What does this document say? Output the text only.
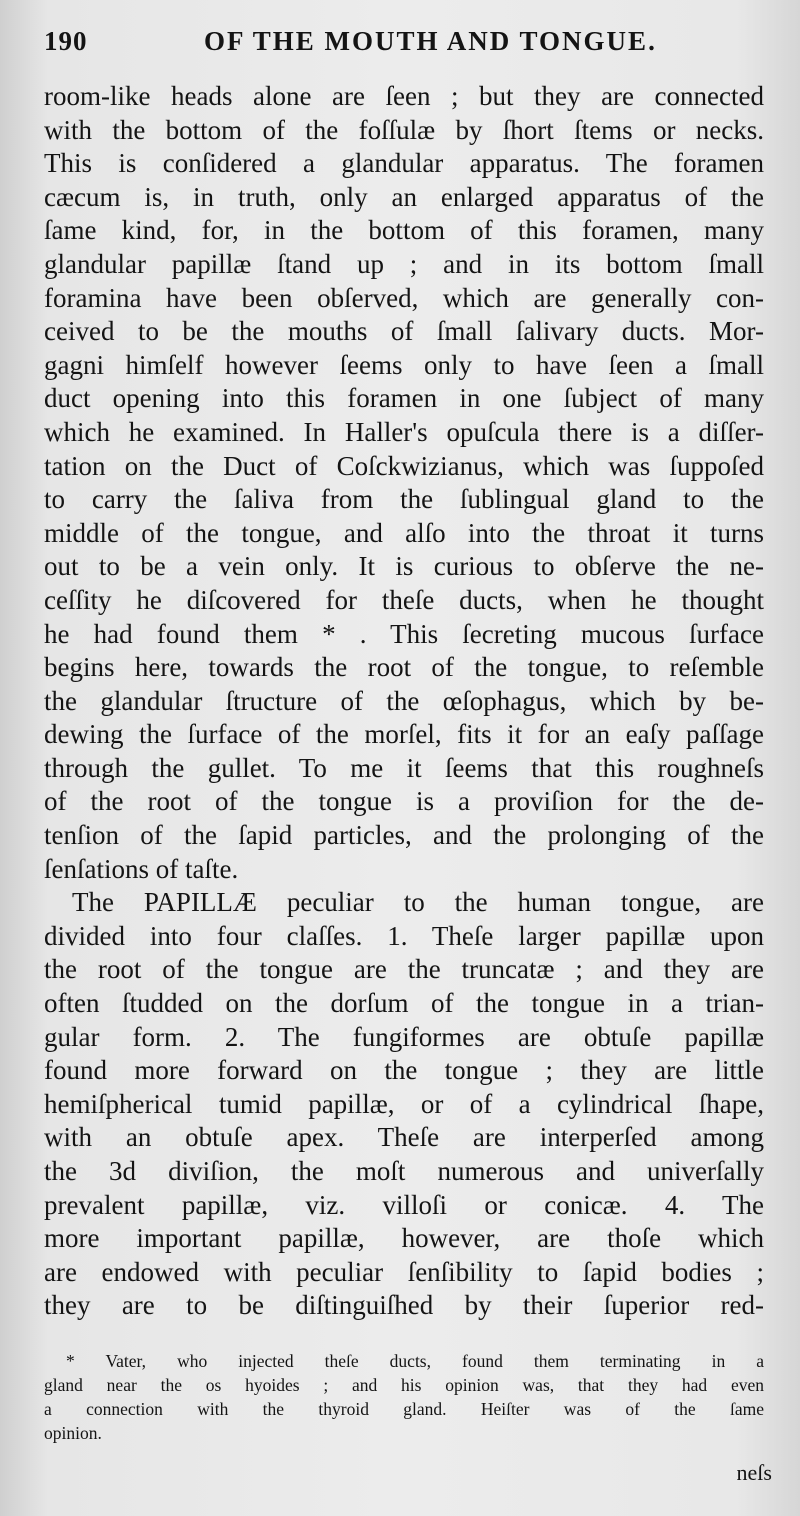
190	OF THE MOUTH AND TONGUE.
room-like heads alone are ſeen ; but they are connected
with the bottom of the foſſulæ by ſhort ſtems or necks.
This is conſidered a glandular apparatus. The foramen
cæcum is, in truth, only an enlarged apparatus of the
ſame kind, for, in the bottom of this foramen, many
glandular papillæ ſtand up ; and in its bottom ſmall
foramina have been obſerved, which are generally con-
ceived to be the mouths of ſmall ſalivary ducts. Mor-
gagni himſelf however ſeems only to have ſeen a ſmall
duct opening into this foramen in one ſubject of many
which he examined. In Haller's opuſcula there is a diſſer-
tation on the Duct of Coſckwizianus, which was ſuppoſed
to carry the ſaliva from the ſublingual gland to the
middle of the tongue, and alſo into the throat it turns
out to be a vein only. It is curious to obſerve the ne-
ceſſity he diſcovered for theſe ducts, when he thought
he had found them * . This ſecreting mucous ſurface
begins here, towards the root of the tongue, to reſemble
the glandular ſtructure of the œſophagus, which by be-
dewing the ſurface of the morſel, fits it for an eaſy paſſage
through the gullet. To me it ſeems that this roughneſs
of the root of the tongue is a proviſion for the de-
tenſion of the ſapid particles, and the prolonging of the
ſenſations of taſte.
The PAPILLÆ peculiar to the human tongue, are
divided into four claſſes. 1. Theſe larger papillæ upon
the root of the tongue are the truncatæ ; and they are
often ſtudded on the dorſum of the tongue in a trian-
gular form. 2. The fungiformes are obtuſe papillæ
found more forward on the tongue ; they are little
hemiſpherical tumid papillæ, or of a cylindrical ſhape,
with an obtuſe apex. Theſe are interperſed among
the 3d diviſion, the moſt numerous and univerſally
prevalent papillæ, viz. villoſi or conicæ. 4. The
more important papillæ, however, are thoſe which
are endowed with peculiar ſenſibility to ſapid bodies ;
they are to be diſtinguiſhed by their ſuperior red-
* Vater, who injected theſe ducts, found them terminating in a
gland near the os hyoides ; and his opinion was, that they had even
a connection with the thyroid gland. Heiſter was of the ſame
opinion.
neſs
